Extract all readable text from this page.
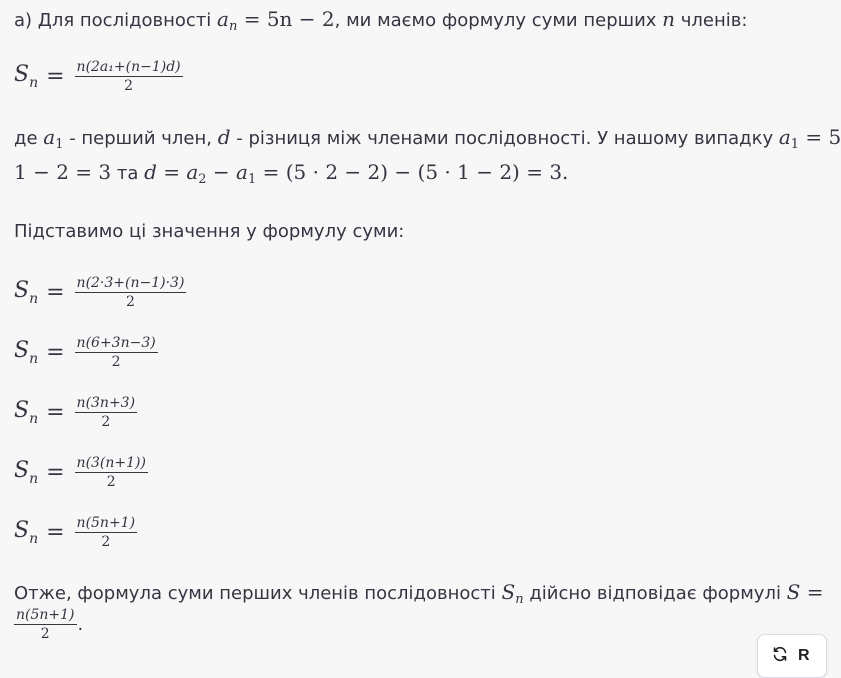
а) Для послідовності $a_n = 5n - 2$, ми маємо формулу суми перших n членів:
$S_n = \frac{\text{n(2a₁+(n−1)d)}}{2}$
де $a_1$ - перший член, d - різниця між членами послідовності. У нашому випадку $a_1 = 5$
1 − 2 = 3 та $d = a_2 - a_1 = (5 \cdot 2 - 2) - (5 \cdot 1 - 2) = 3$.
Підставимо ці значення у формулу суми:
$S_n = \frac{n(2\cdot 3+(n-1)\cdot 3)}{2}$
$S_n = \frac{n(6+3n-3)}{2}$
$S_n = \frac{n(3n+3)}{2}$
$S_n = \frac{n(3(n+1))}{2}$
$S_n = \frac{n(5n+1)}{2}$
Отже, формула суми перших членів послідовності $S_n$ дійсно відповідає формулі S =
$\frac{n(5n+1)}{2}$ .
R
